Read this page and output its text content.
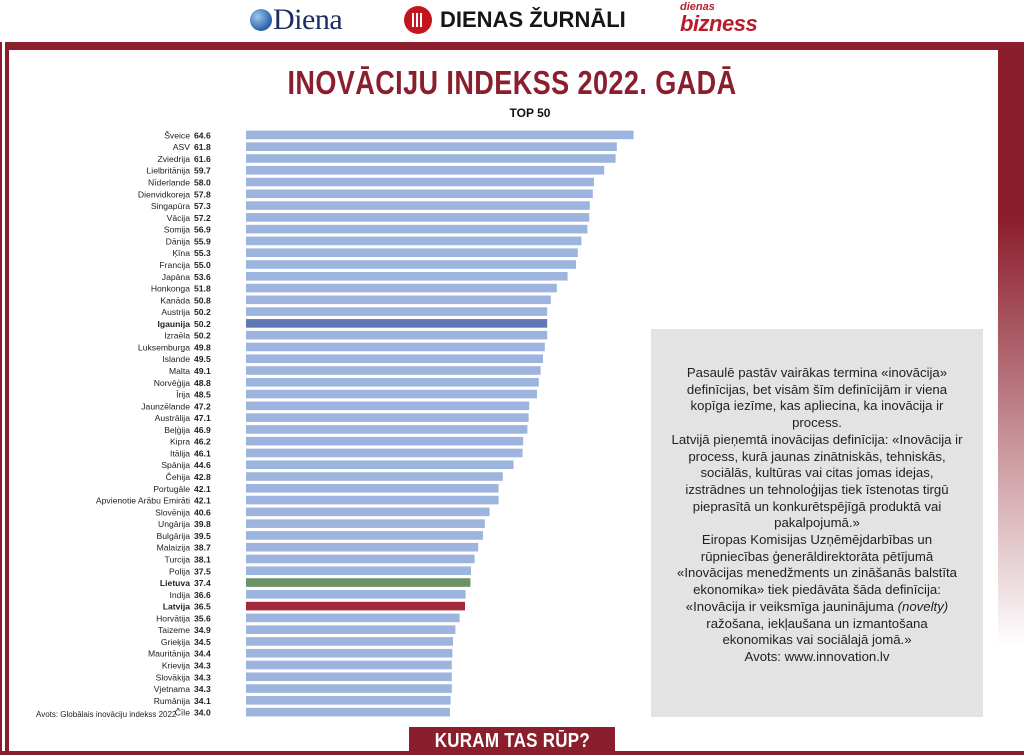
Diena	DIENAS ŽURNĀLI	dienas
bizness
INOVĀCIJU INDEKSS 2022. GADĀ
TOP 50
Šveice 64.6
ASV 61.8
Zviedrija 61.6
Lielbritānija 59.7
Nīderlande 58.0
Dienvidkoreja 57.8
Singapūra 57.3
Vācija 57.2
Somija 56.9
Dānija 55.9
Ķīna 55.3
Francija 55.0
Japāna 53.6
Honkonga 51.8
Kanāda 50.8
Austrija 50.2
Igaunija 50.2
Izraēla 50.2
Luksemburga 49.8
Islande 49.5
Malta 49.1
Norvēģija 48.8
Īrija 48.5
Jaunzēlande 47.2
Austrālija 47.1
Beļģija 46.9
Kipra 46.2
Itālija 46.1
Spānija 44.6
Čehija 42.8
Portugāle 42.1
Apvienotie Arābu Emirāti 42.1
Slovēnija 40.6
Ungārija 39.8
Bulgārija 39.5
Malaizija 38.7
Turcija 38.1
Polija 37.5
Lietuva 37.4
Indija 36.6
Latvija 36.5
Horvātija 35.6
Taizeme 34.9
Grieķija 34.5
Mauritānija 34.4
Krievija 34.3
Slovākija 34.3
Vjetnama 34.3
Rumānija 34.1
Čīle 34.0
Avots: Globālais inovāciju indekss 2022

Pasaulē pastāv vairākas termina «inovācija» definīcijas, bet visām šīm definīcijām ir viena kopīga iezīme, kas apliecina, ka inovācija ir process.

Latvijā pieņemtā inovācijas definīcija: «Inovācija ir process, kurā jaunas zinātniskās, tehniskās, sociālās, kultūras vai citas jomas idejas, izstrādnes un tehnoloģijas tiek īstenotas tirgū pieprasītā un konkurētspējīgā produktā vai pakalpojumā.»

Eiropas Komisijas Uzņēmējdarbības un rūpniecības ģenerāldirektorāta pētījumā «Inovācijas menedžments un zināšanās balstīta ekonomika» tiek piedāvāta šāda definīcija: «Inovācija ir veiksmīga jauninājuma (novelty) ražošana, iekļaušana un izmantošana ekonomikas vai sociālajā jomā.»

Avots: www.innovation.lv

KURAM TAS RŪP?
